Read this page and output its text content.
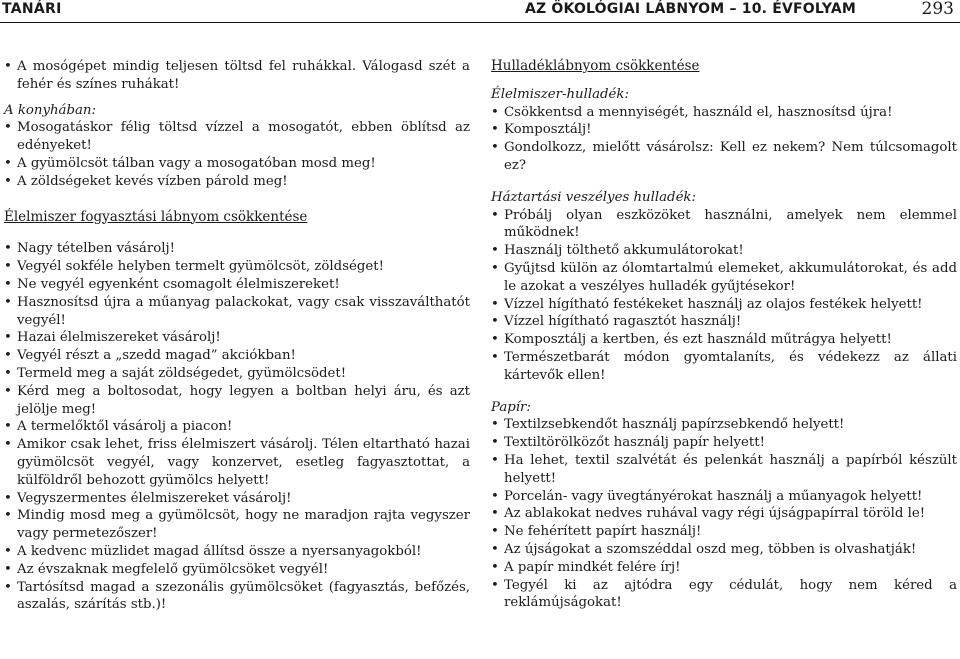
TANÁRI	AZ ÖKOLÓGIAI LÁBNYOM – 10. ÉVFOLYAM	293
• A mosógépet mindig teljesen töltsd fel ruhákkal. Válogasd szét a fehér és színes ruhákat!
A konyhában:
• Mosogatáskor félig töltsd vízzel a mosogatót, ebben öblítsd az edényeket!
• A gyümölcsöt tálban vagy a mosogatóban mosd meg!
• A zöldségeket kevés vízben párold meg!
Élelmiszer fogyasztási lábnyom csökkentése
• Nagy tételben vásárolj!
• Vegyél sokféle helyben termelt gyümölcsöt, zöldséget!
• Ne vegyél egyenként csomagolt élelmiszereket!
• Hasznosítsd újra a műanyag palackokat, vagy csak visszaválthatót vegyél!
• Hazai élelmiszereket vásárolj!
• Vegyél részt a „szedd magad” akciókban!
• Termeld meg a saját zöldségedet, gyümölcsödet!
• Kérd meg a boltosodat, hogy legyen a boltban helyi áru, és azt jelölje meg!
• A termelőktől vásárolj a piacon!
• Amikor csak lehet, friss élelmiszert vásárolj. Télen eltartható hazai gyümölcsöt vegyél, vagy konzervet, esetleg fagyasztottat, a külföldről behozott gyümölcs helyett!
• Vegyszermentes élelmiszereket vásárolj!
• Mindig mosd meg a gyümölcsöt, hogy ne maradjon rajta vegyszer vagy permetezőszer!
• A kedvenc müzlidet magad állítsd össze a nyersanyagokból!
• Az évszaknak megfelelő gyümölcsöket vegyél!
• Tartósítsd magad a szezonális gyümölcsöket (fagyasztás, befőzés, aszalás, szárítás stb.)!
Hulladéklábnyom csökkentése
Élelmiszer-hulladék:
• Csökkentsd a mennyiségét, használd el, hasznosítsd újra!
• Komposztálj!
• Gondolkozz, mielőtt vásárolsz: Kell ez nekem? Nem túlcsomagolt ez?
Háztartási veszélyes hulladék:
• Próbálj olyan eszközöket használni, amelyek nem elemmel működnek!
• Használj tölthető akkumulátorokat!
• Gyűjtsd külön az ólomtartalmú elemeket, akkumulátorokat, és add le azokat a veszélyes hulladék gyűjtésekor!
• Vízzel hígítható festékeket használj az olajos festékek helyett!
• Vízzel hígítható ragasztót használj!
• Komposztálj a kertben, és ezt használd műtrágya helyett!
• Természetbarát módon gyomtalaníts, és védekezz az állati kártevők ellen!
Papír:
• Textilzsebkendőt használj papírzsebkendő helyett!
• Textiltörölközőt használj papír helyett!
• Ha lehet, textil szalvétát és pelenkát használj a papírból készült helyett!
• Porcelán- vagy üvegtányérokat használj a műanyagok helyett!
• Az ablakokat nedves ruhával vagy régi újságpapírral töröld le!
• Ne fehérített papírt használj!
• Az újságokat a szomszéddal oszd meg, többen is olvashatják!
• A papír mindkét felére írj!
• Tegyél ki az ajtódra egy cédulát, hogy nem kéred a reklámújságokat!
